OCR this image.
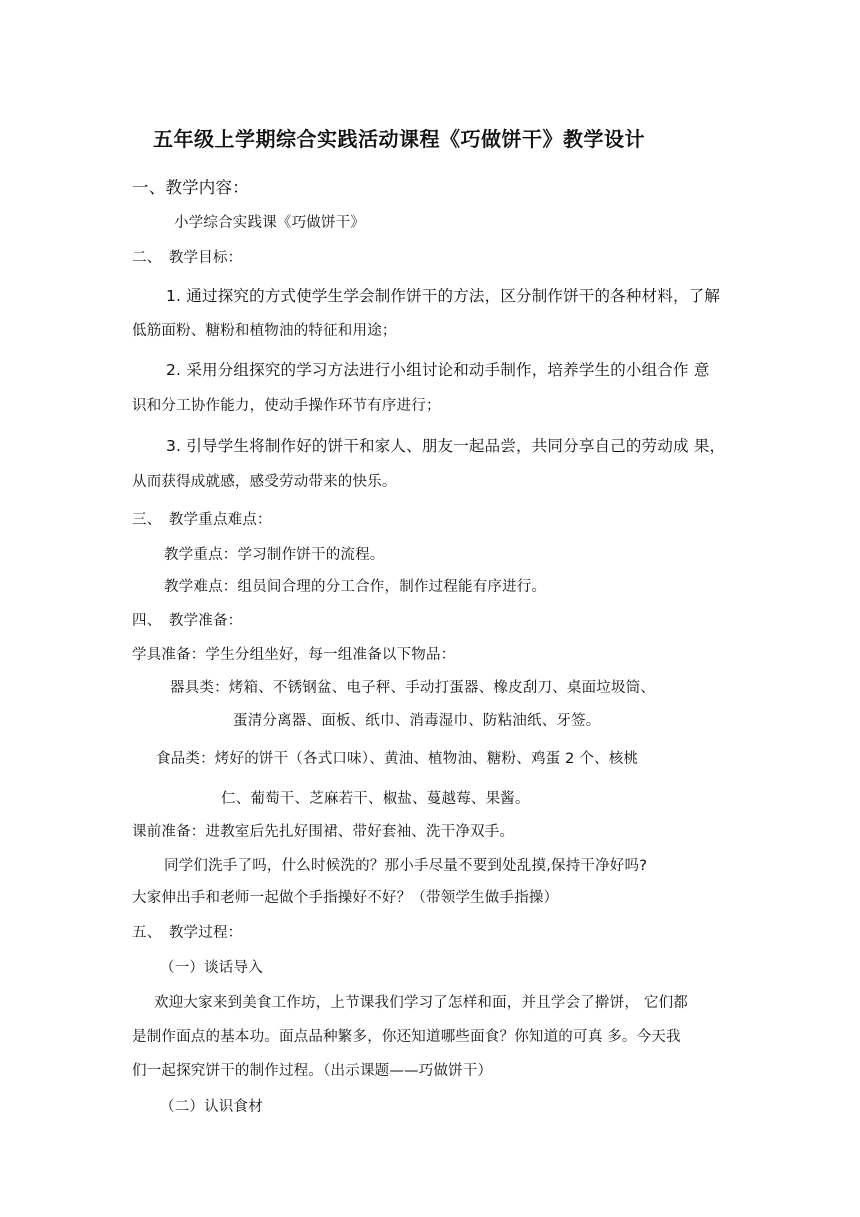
五年级上学期综合实践活动课程《巧做饼干》教学设计
一、教学内容：
小学综合实践课《巧做饼干》
二、　教学目标：
1. 通过探究的方式使学生学会制作饼干的方法，区分制作饼干的各种材料，了解
低筋面粉、糖粉和植物油的特征和用途；
2. 采用分组探究的学习方法进行小组讨论和动手制作，培养学生的小组合作 意
识和分工协作能力，使动手操作环节有序进行；
3. 引导学生将制作好的饼干和家人、朋友一起品尝，共同分享自己的劳动成 果，
从而获得成就感，感受劳动带来的快乐。
三、　教学重点难点：
教学重点：学习制作饼干的流程。
教学难点：组员间合理的分工合作，制作过程能有序进行。
四、　教学准备：
学具准备：学生分组坐好，每一组准备以下物品：
器具类：烤箱、不锈钢盆、电子秤、手动打蛋器、橡皮刮刀、桌面垃圾筒、
蛋清分离器、面板、纸巾、消毒湿巾、防粘油纸、牙签。
食品类：烤好的饼干（各式口味）、黄油、植物油、糖粉、鸡蛋 2 个、核桃
仁、葡萄干、芝麻若干、椒盐、蔓越莓、果酱。
课前准备：进教室后先扎好围裙、带好套袖、洗干净双手。
同学们洗手了吗，什么时候洗的？那小手尽量不要到处乱摸,保持干净好吗?
大家伸出手和老师一起做个手指操好不好？（带领学生做手指操）
五、　教学过程：
（一）谈话导入
欢迎大家来到美食工作坊，上节课我们学习了怎样和面，并且学会了擀饼， 它们都
是制作面点的基本功。面点品种繁多，你还知道哪些面食？你知道的可真 多。今天我
们一起探究饼干的制作过程。（出示课题——巧做饼干）
（二）认识食材
